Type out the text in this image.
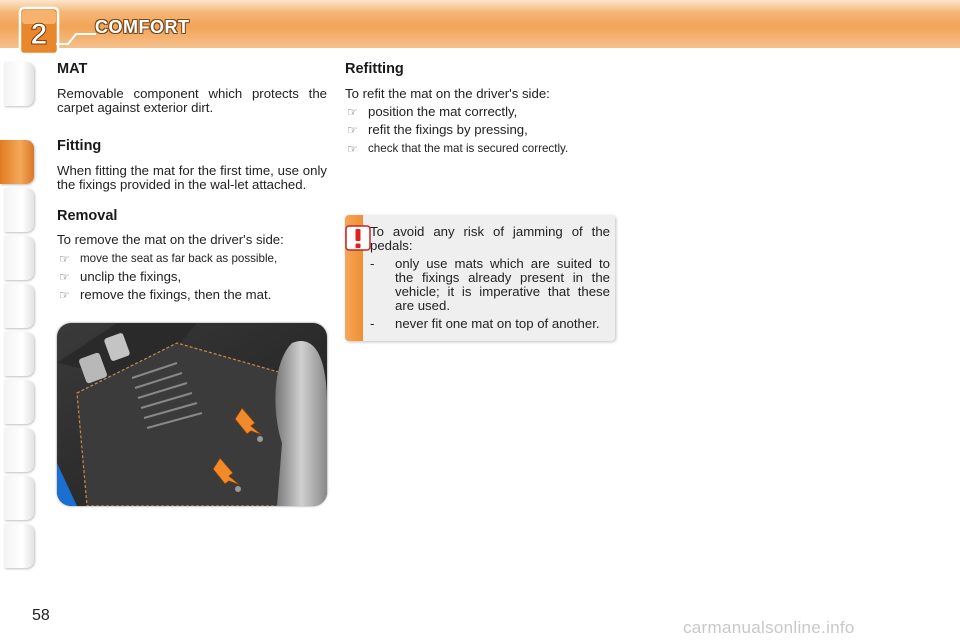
2	COMFORT
MAT

Removable component which protects the carpet against exterior dirt.

Fitting

When fitting the mat for the first time, use only the fixings provided in the wal-let attached.

Removal

To remove the mat on the driver's side:

☞ move the seat as far back as possible,

☞ unclip the fixings,

☞ remove the fixings, then the mat.

Refitting

To refit the mat on the driver's side:

☞ position the mat correctly,

☞ refit the fixings by pressing,

☞ check that the mat is secured correctly.

To avoid any risk of jamming of the pedals:

- only use mats which are suited to the fixings already present in the vehicle; it is imperative that these are used.

- never fit one mat on top of another.

58
carmanualsonline.info
